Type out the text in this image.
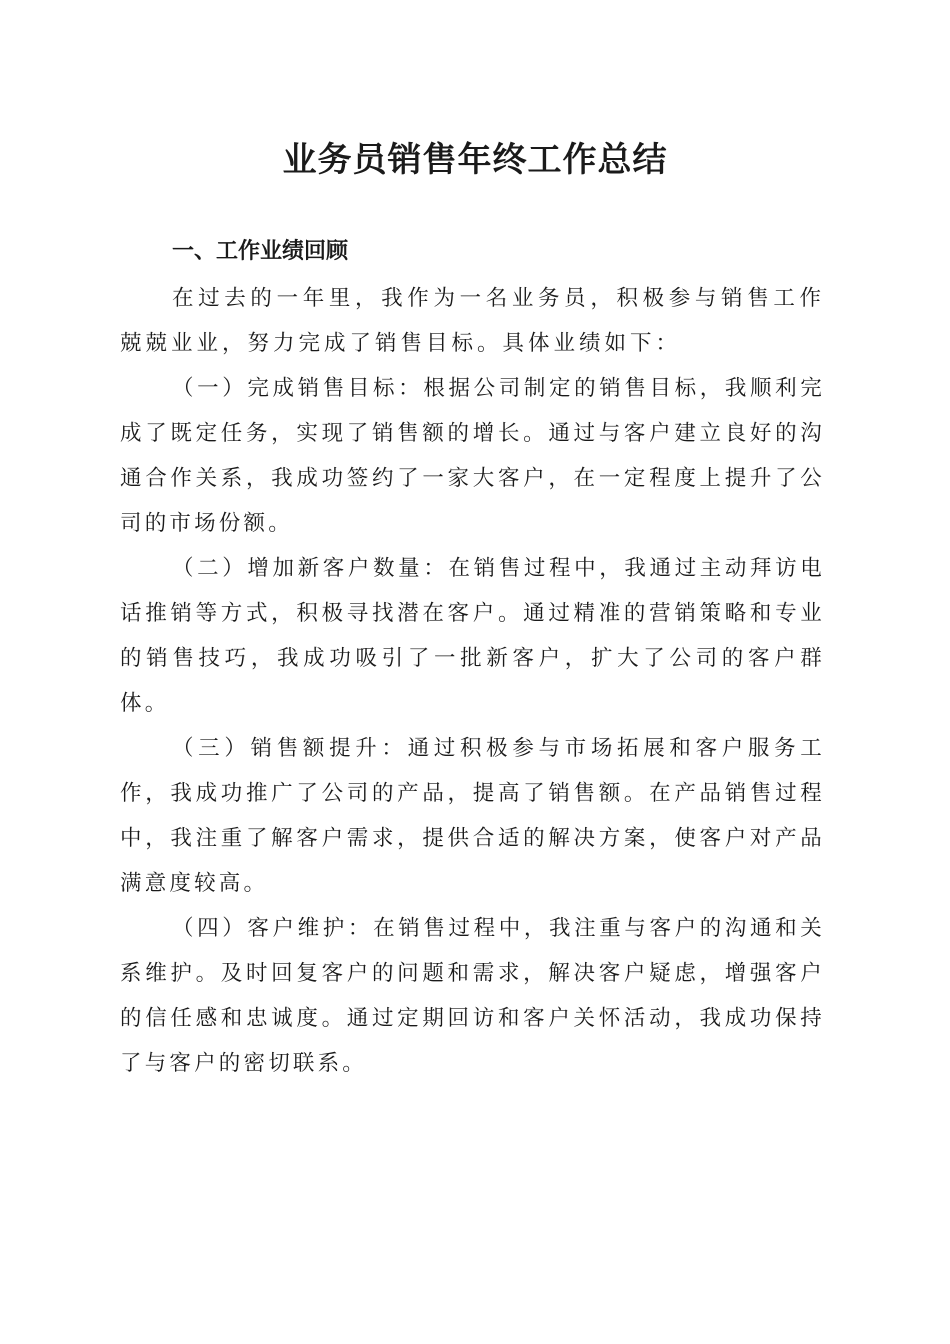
业务员销售年终工作总结
一、工作业绩回顾

在过去的一年里，我作为一名业务员，积极参与销售工作兢兢业业，努力完成了销售目标。具体业绩如下：

（一）完成销售目标：根据公司制定的销售目标，我顺利完成了既定任务，实现了销售额的增长。通过与客户建立良好的沟通合作关系，我成功签约了一家大客户，在一定程度上提升了公司的市场份额。

（二）增加新客户数量：在销售过程中，我通过主动拜访电话推销等方式，积极寻找潜在客户。通过精准的营销策略和专业的销售技巧，我成功吸引了一批新客户，扩大了公司的客户群体。

（三）销售额提升：通过积极参与市场拓展和客户服务工作，我成功推广了公司的产品，提高了销售额。在产品销售过程中，我注重了解客户需求，提供合适的解决方案，使客户对产品满意度较高。

（四）客户维护：在销售过程中，我注重与客户的沟通和关系维护。及时回复客户的问题和需求，解决客户疑虑，增强客户的信任感和忠诚度。通过定期回访和客户关怀活动，我成功保持了与客户的密切联系。
